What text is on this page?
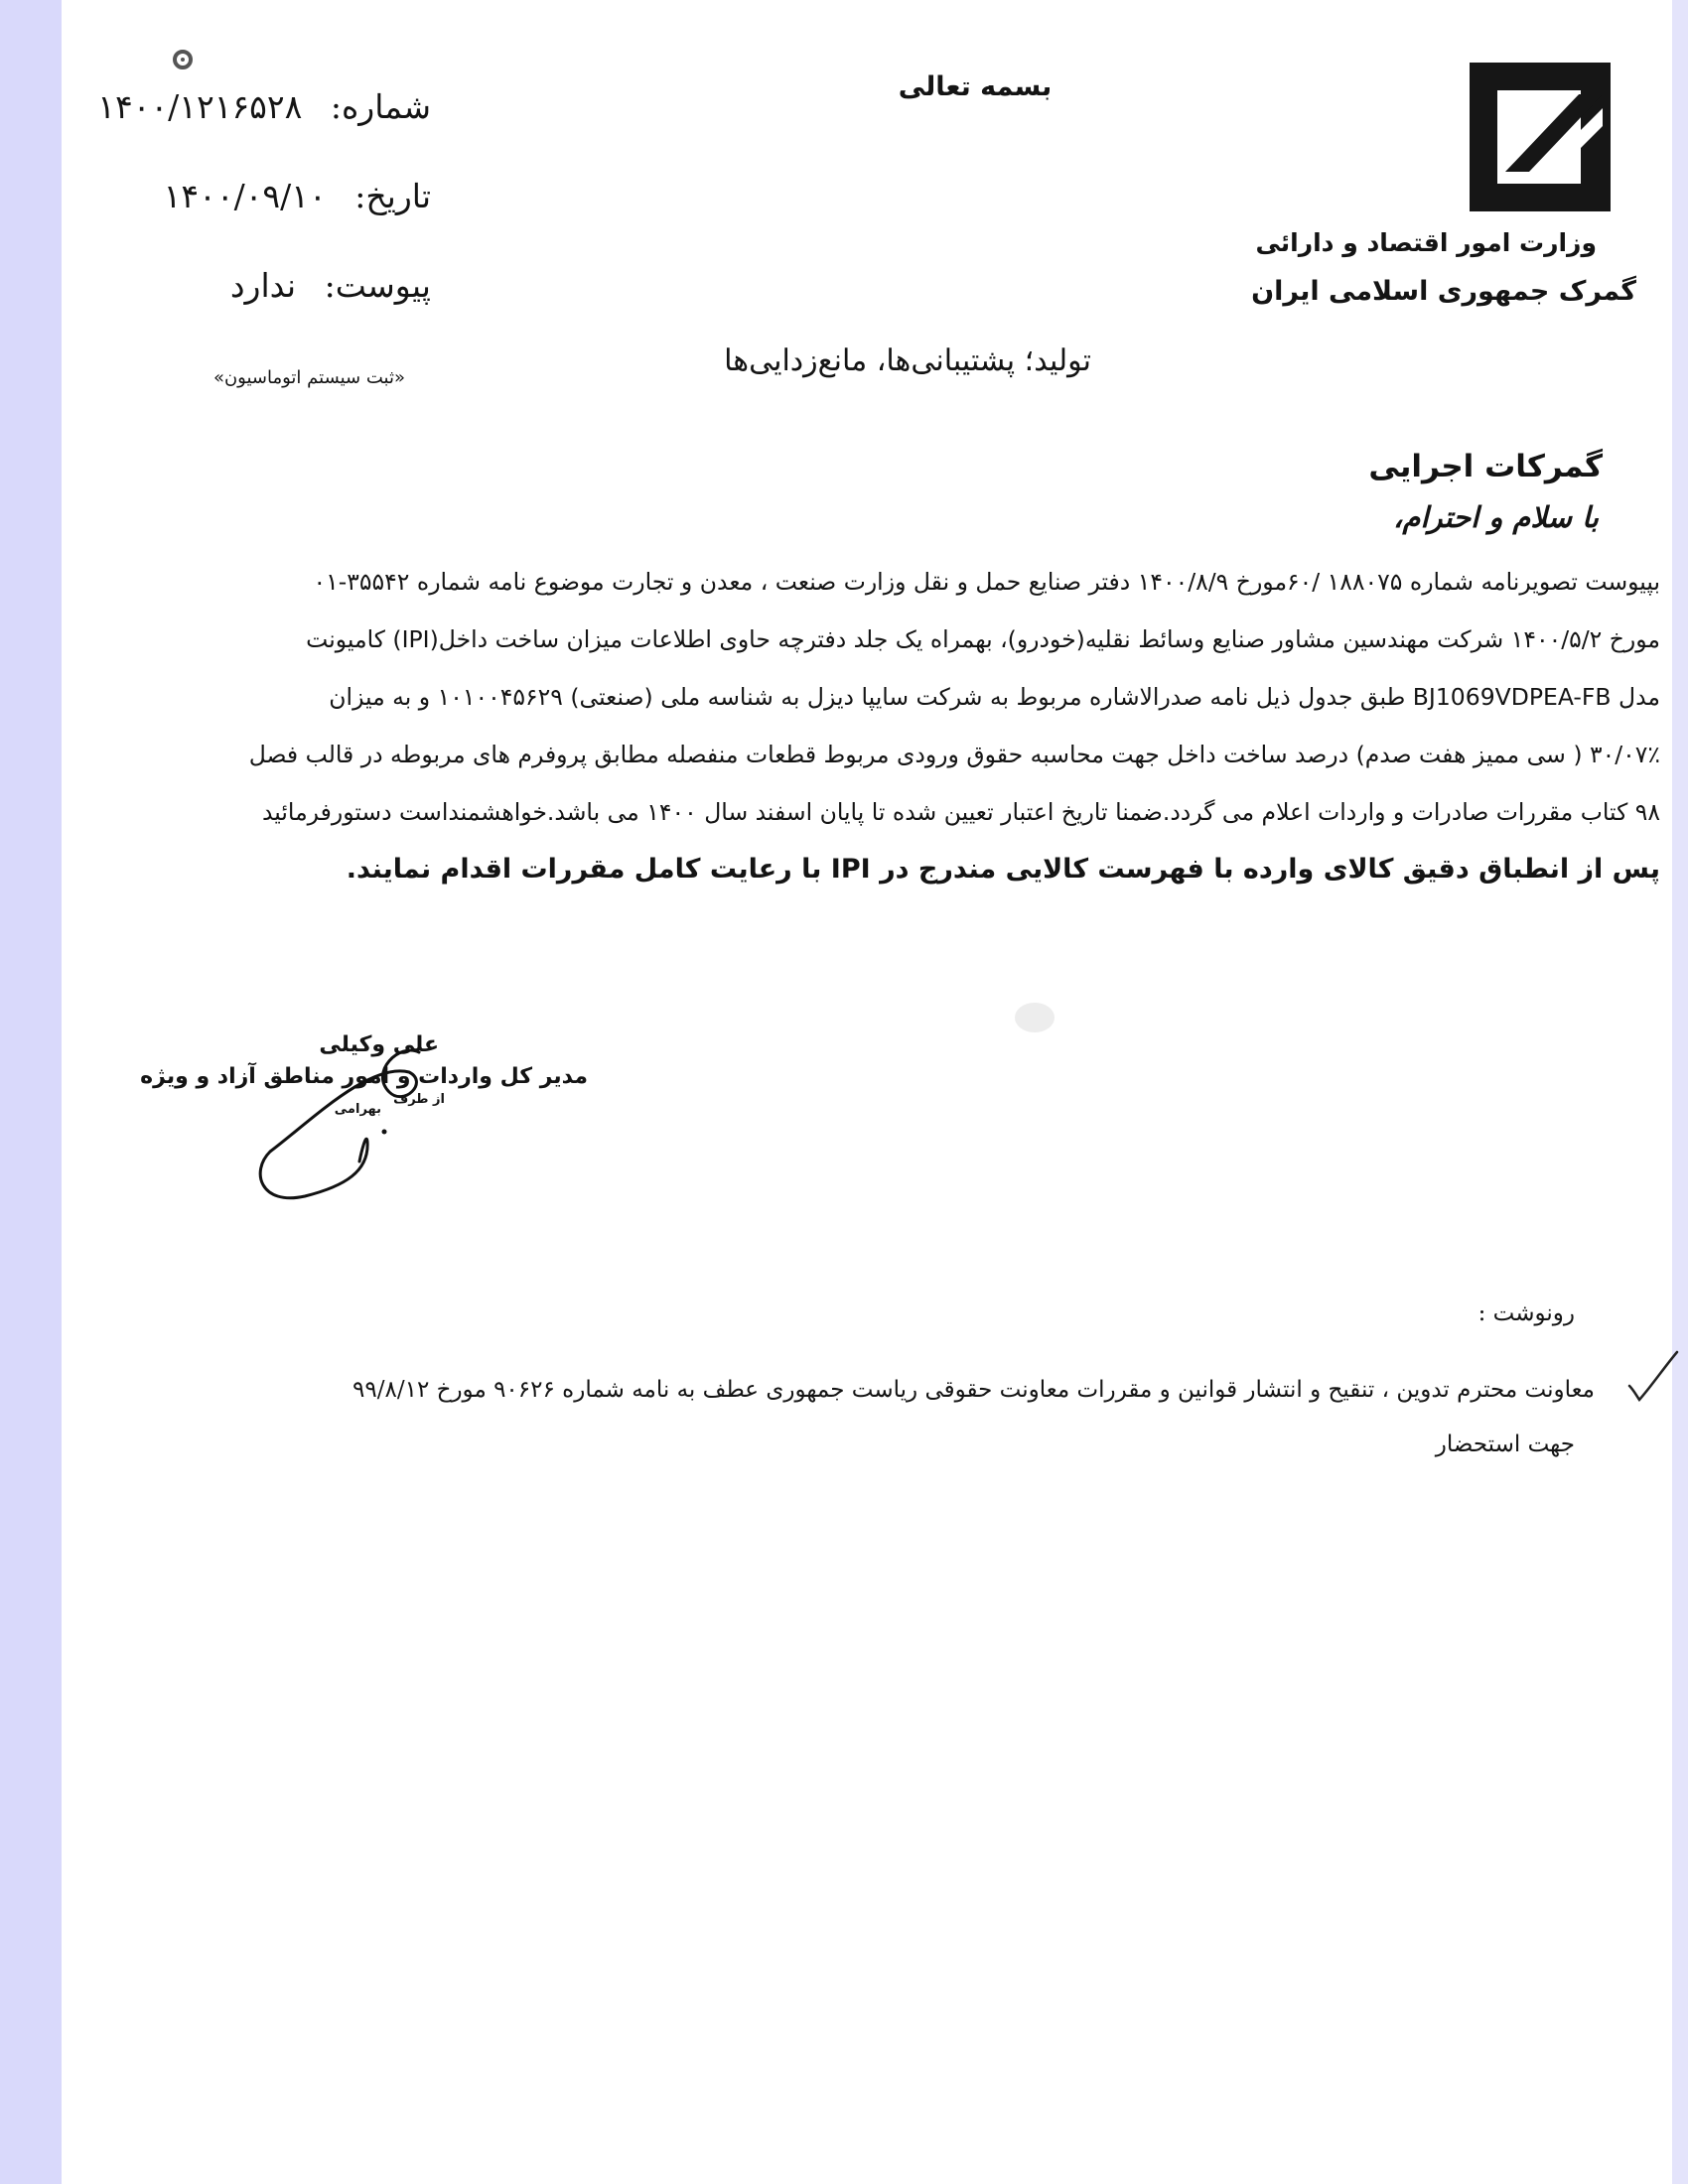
بسمه تعالی
شماره: ۱۴۰۰/۱۲۱۶۵۲۸
تاریخ: ۱۴۰۰/۰۹/۱۰
پیوست: ندارد
«ثبت سیستم اتوماسیون»	تولید؛ پشتیبانی‌ها، مانع‌زدایی‌ها
وزارت امور اقتصاد و دارائی
گمرک جمهوری اسلامی ایران
گمرکات اجرایی
با سلام و احترام،
بپیوست تصویرنامه شماره ۱۸۸۰۷۵ /۶۰مورخ ۱۴۰۰/۸/۹ دفتر صنایع حمل و نقل وزارت صنعت ، معدن و تجارت موضوع نامه شماره ۳۵۵۴۲-۰۱
مورخ ۱۴۰۰/۵/۲ شرکت مهندسین مشاور صنایع وسائط نقلیه(خودرو)، بهمراه یک جلد دفترچه حاوی اطلاعات میزان ساخت داخل(IPI) کامیونت
مدل BJ1069VDPEA-FB طبق جدول ذیل نامه صدرالاشاره مربوط به شرکت سایپا دیزل به شناسه ملی (صنعتی) ۱۰۱۰۰۴۵۶۲۹ و به میزان
۳۰/۰۷٪ ( سی ممیز هفت صدم) درصد ساخت داخل جهت محاسبه حقوق ورودی مربوط قطعات منفصله مطابق پروفرم های مربوطه در قالب فصل
۹۸ کتاب مقررات صادرات و واردات اعلام می گردد.ضمنا تاریخ اعتبار تعیین شده تا پایان اسفند سال ۱۴۰۰ می باشد.خواهشمنداست دستورفرمائید
پس از انطباق دقیق کالای وارده با فهرست کالایی مندرج در IPI با رعایت کامل مقررات اقدام نمایند.
علی وکیلی
مدیر کل واردات و امور مناطق آزاد و ویژه
از طرف
بهرامی
رونوشت :
معاونت محترم تدوین ، تنقیح و انتشار قوانین و مقررات معاونت حقوقی ریاست جمهوری عطف به نامه شماره ۹۰۶۲۶ مورخ ۹۹/۸/۱۲
جهت استحضار
